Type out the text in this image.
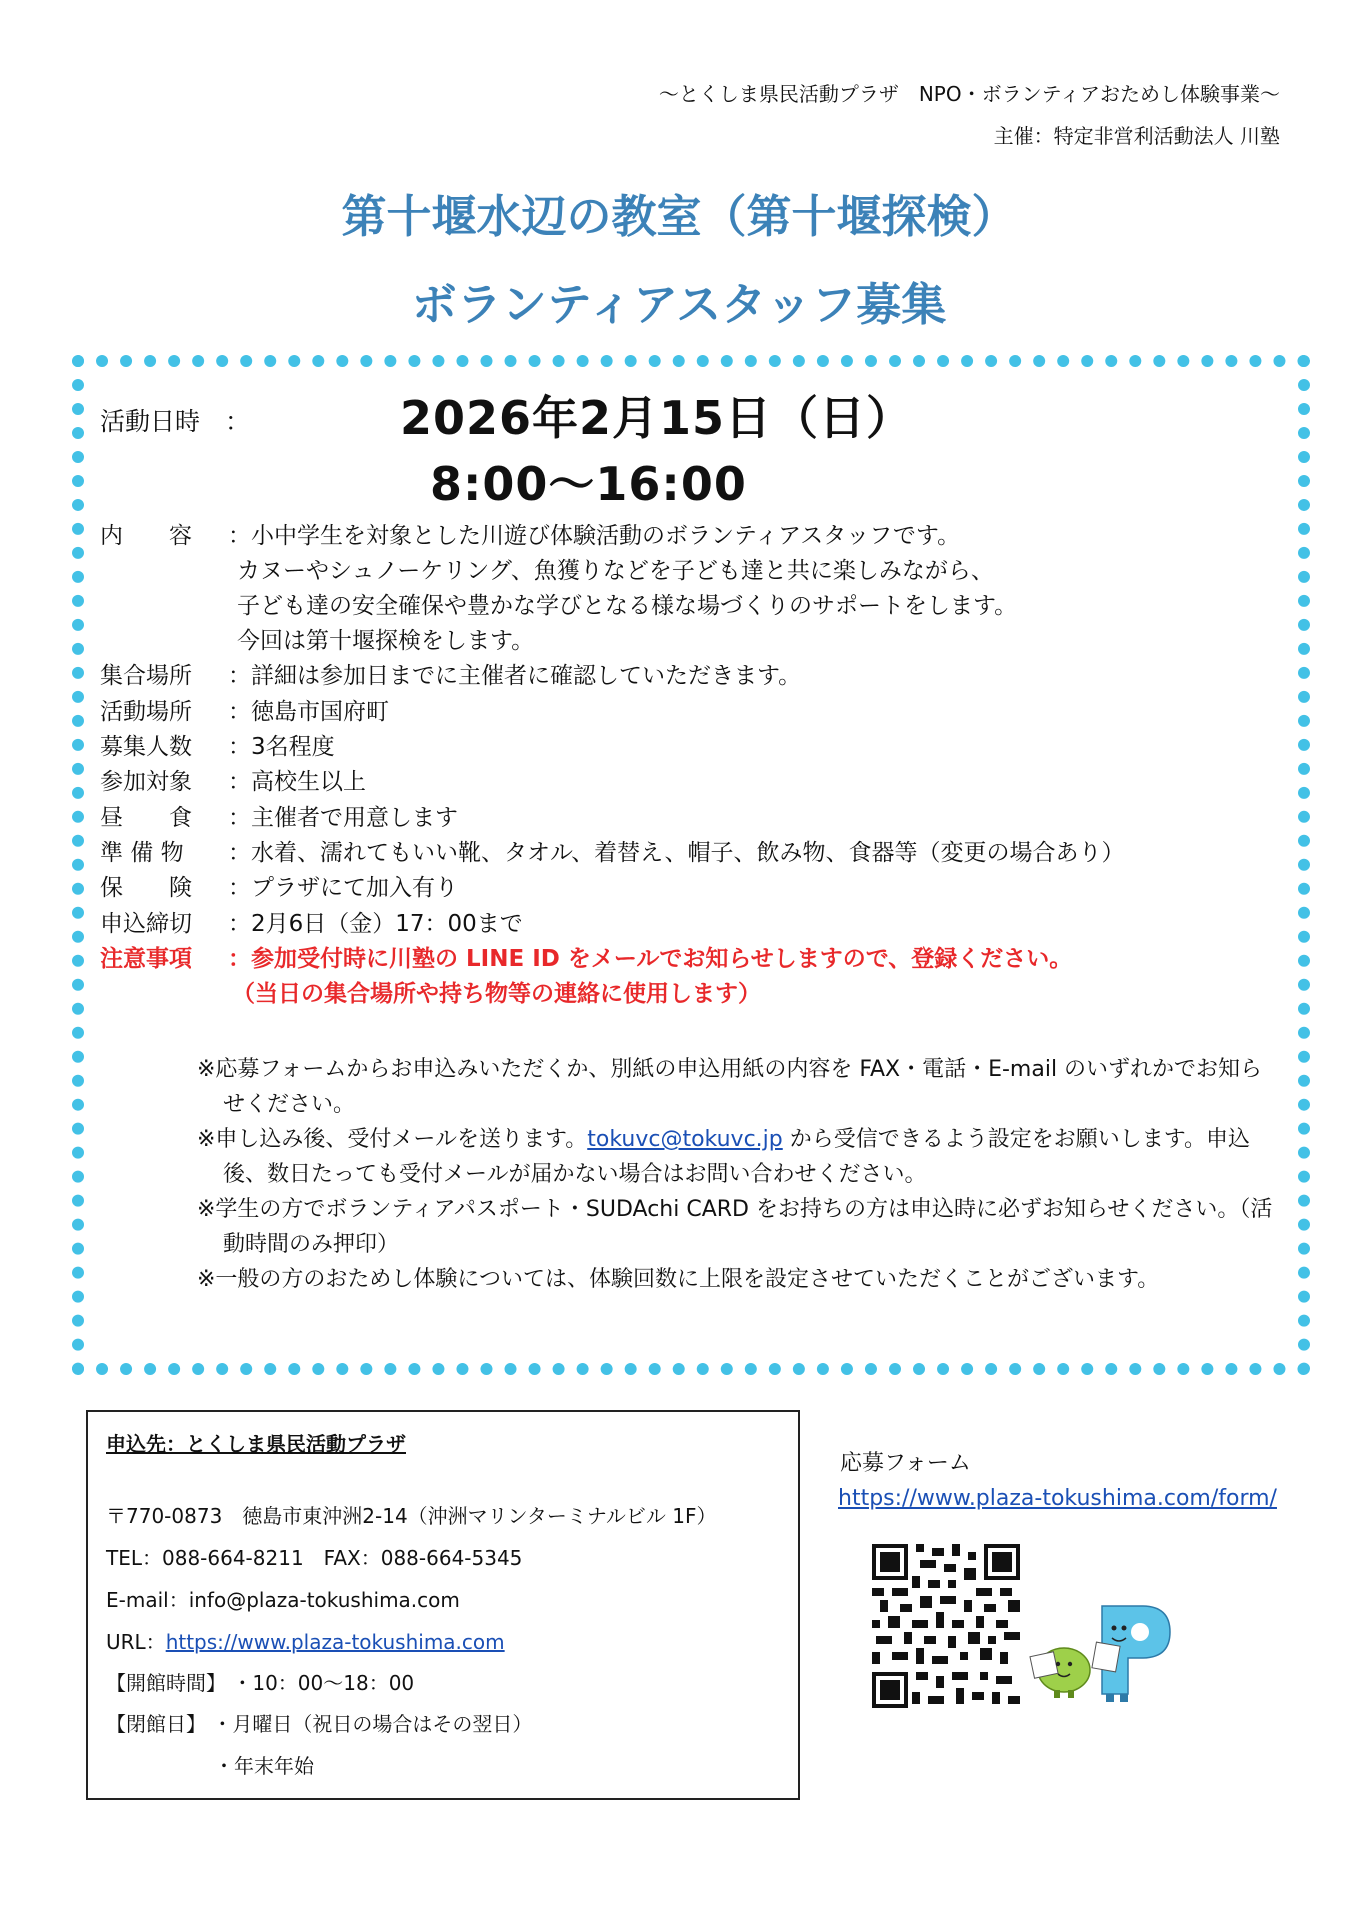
～とくしま県民活動プラザ　NPO・ボランティアおためし体験事業～
主催：特定非営利活動法人 川塾
第十堰水辺の教室（第十堰探検）
ボランティアスタッフ募集
活動日時　：	2026年2月15日（日）
8:00～16:00
内　　容 ：小中学生を対象とした川遊び体験活動のボランティアスタッフです。
カヌーやシュノーケリング、魚獲りなどを子ども達と共に楽しみながら、
子ども達の安全確保や豊かな学びとなる様な場づくりのサポートをします。
今回は第十堰探検をします。
集合場所 ：詳細は参加日までに主催者に確認していただきます。
活動場所 ：徳島市国府町
募集人数 ：3名程度
参加対象 ：高校生以上
昼　　食 ：主催者で用意します
準 備 物 ：水着、濡れてもいい靴、タオル、着替え、帽子、飲み物、食器等（変更の場合あり）
保　　険 ：プラザにて加入有り
申込締切 ：2月6日（金）17：00まで
注意事項 ：参加受付時に川塾の LINE ID をメールでお知らせしますので、登録ください。
（当日の集合場所や持ち物等の連絡に使用します）

※応募フォームからお申込みいただくか、別紙の申込用紙の内容を FAX・電話・E-mail のいずれかでお知らせください。

※申し込み後、受付メールを送ります。tokuvc@tokuvc.jp から受信できるよう設定をお願いします。申込後、数日たっても受付メールが届かない場合はお問い合わせください。

※学生の方でボランティアパスポート・SUDAchi CARD をお持ちの方は申込時に必ずお知らせください。（活動時間のみ押印）

※一般の方のおためし体験については、体験回数に上限を設定させていただくことがございます。

申込先：とくしま県民活動プラザ
〒770-0873　徳島市東沖洲2-14（沖洲マリンターミナルビル 1F）
TEL：088-664-8211　FAX：088-664-5345
E-mail：info@plaza-tokushima.com
URL：https://www.plaza-tokushima.com
【開館時間】 ・10：00～18：00
【閉館日】 ・月曜日（祝日の場合はその翌日）
・年末年始
応募フォーム
https://www.plaza-tokushima.com/form/
